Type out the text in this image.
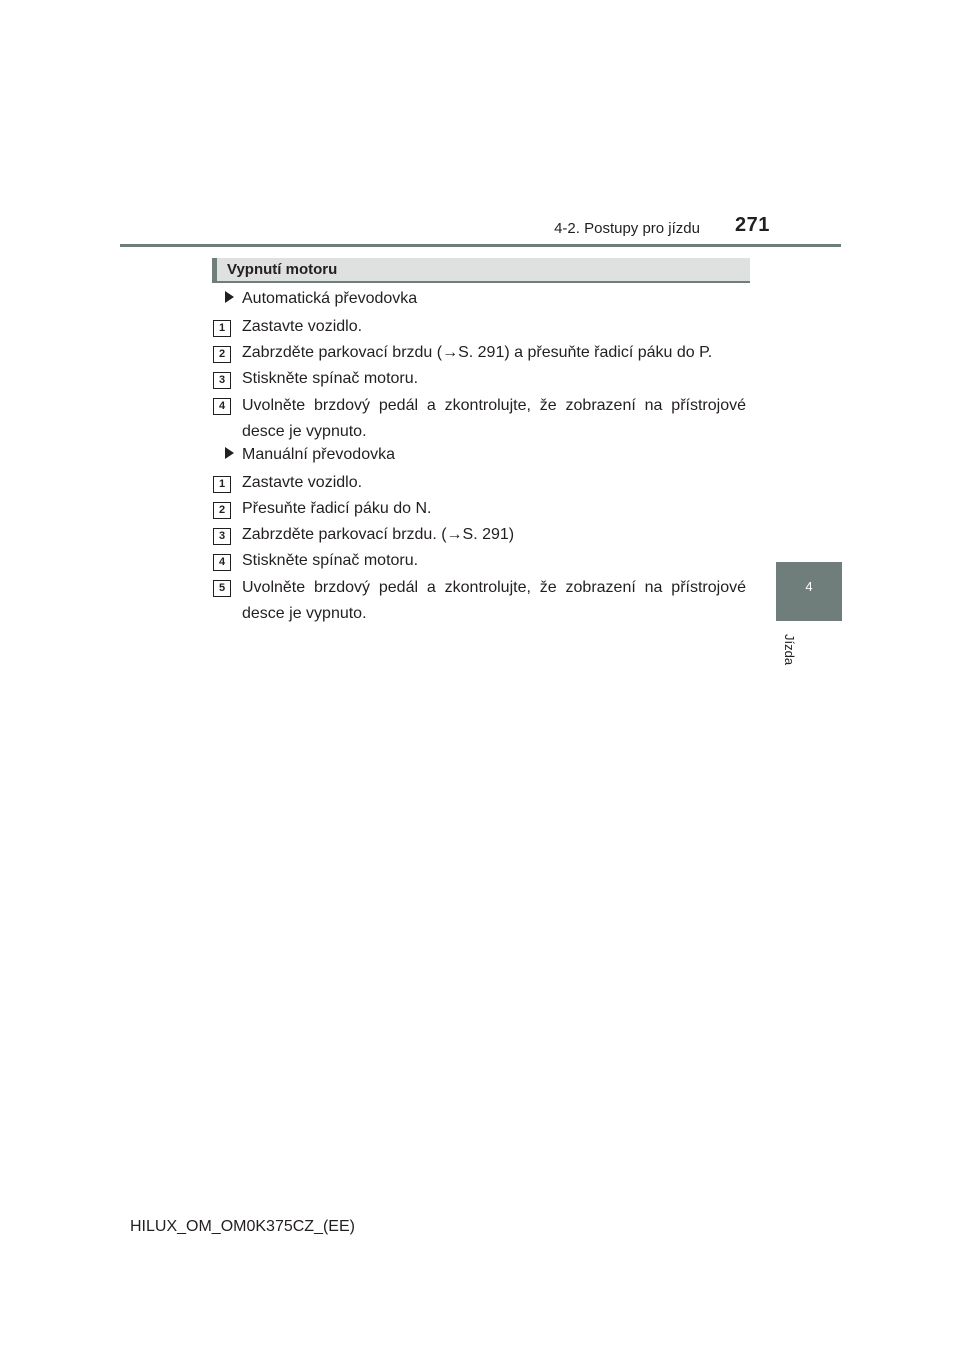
4-2. Postupy pro jízdu 271
4
Jízda
Vypnutí motoru
Automatická převodovka
1	Zastavte vozidlo.
2	Zabrzděte parkovací brzdu (→S. 291) a přesuňte řadicí páku do P.
3	Stiskněte spínač motoru.
4	Uvolněte brzdový pedál a zkontrolujte, že zobrazení na přístrojové desce je vypnuto.
Manuální převodovka
1	Zastavte vozidlo.
2	Přesuňte řadicí páku do N.
3	Zabrzděte parkovací brzdu. (→S. 291)
4	Stiskněte spínač motoru.
5	Uvolněte brzdový pedál a zkontrolujte, že zobrazení na přístrojové desce je vypnuto.
HILUX_OM_OM0K375CZ_(EE)
